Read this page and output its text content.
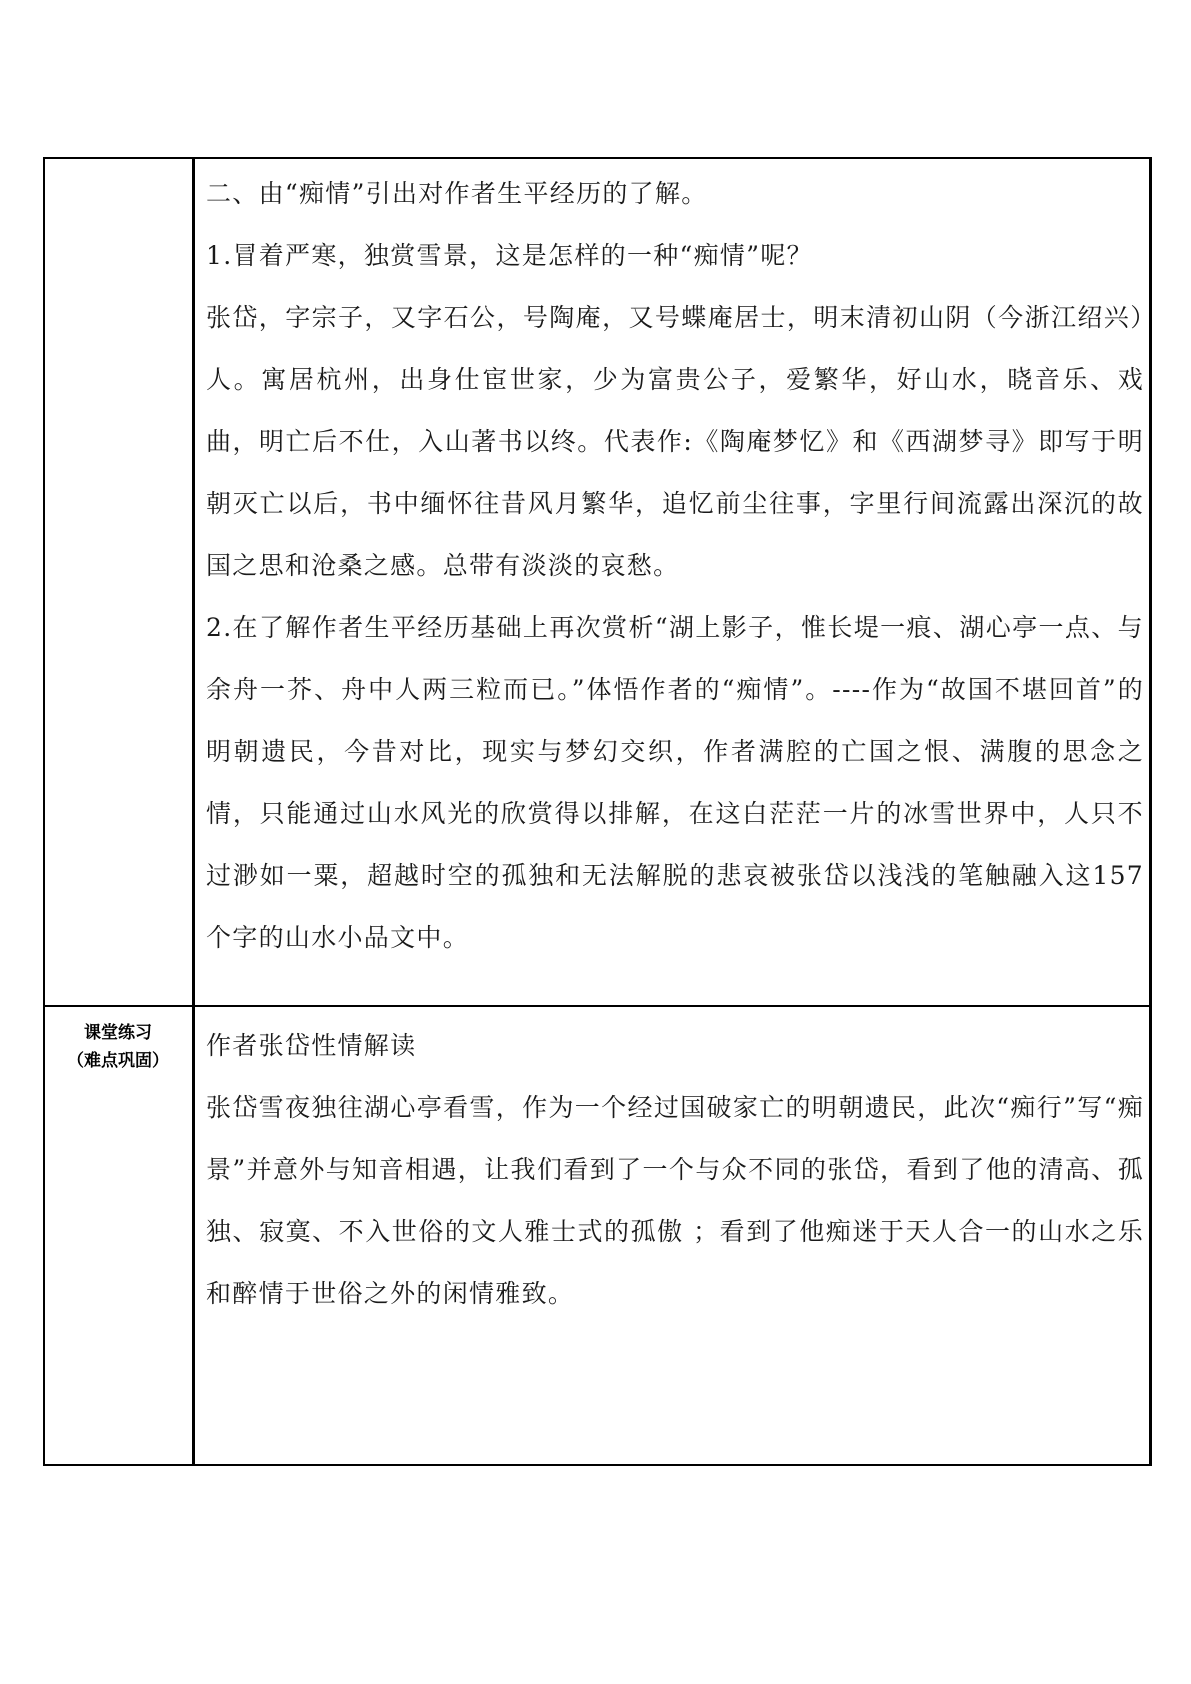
二、由“痴情”引出对作者生平经历的了解。

1.冒着严寒，独赏雪景，这是怎样的一种“痴情”呢？

张岱，字宗子，又字石公，号陶庵，又号蝶庵居士，明末清初山阴（今浙江绍兴）人。寓居杭州，出身仕宦世家，少为富贵公子，爱繁华，好山水，晓音乐、戏曲，明亡后不仕，入山著书以终。代表作:《陶庵梦忆》和《西湖梦寻》即写于明朝灭亡以后，书中缅怀往昔风月繁华，追忆前尘往事，字里行间流露出深沉的故国之思和沧桑之感。总带有淡淡的哀愁。

2.在了解作者生平经历基础上再次赏析“湖上影子，惟长堤一痕、湖心亭一点、与余舟一芥、舟中人两三粒而已。”体悟作者的“痴情”。----作为“故国不堪回首”的明朝遗民，今昔对比，现实与梦幻交织，作者满腔的亡国之恨、满腹的思念之情，只能通过山水风光的欣赏得以排解，在这白茫茫一片的冰雪世界中，人只不过渺如一粟，超越时空的孤独和无法解脱的悲哀被张岱以浅浅的笔触融入这157个字的山水小品文中。

课堂练习
（难点巩固）

作者张岱性情解读

张岱雪夜独往湖心亭看雪，作为一个经过国破家亡的明朝遗民，此次“痴行”写“痴景”并意外与知音相遇，让我们看到了一个与众不同的张岱，看到了他的清高、孤独、寂寞、不入世俗的文人雅士式的孤傲 ；看到了他痴迷于天人合一的山水之乐和醉情于世俗之外的闲情雅致。
